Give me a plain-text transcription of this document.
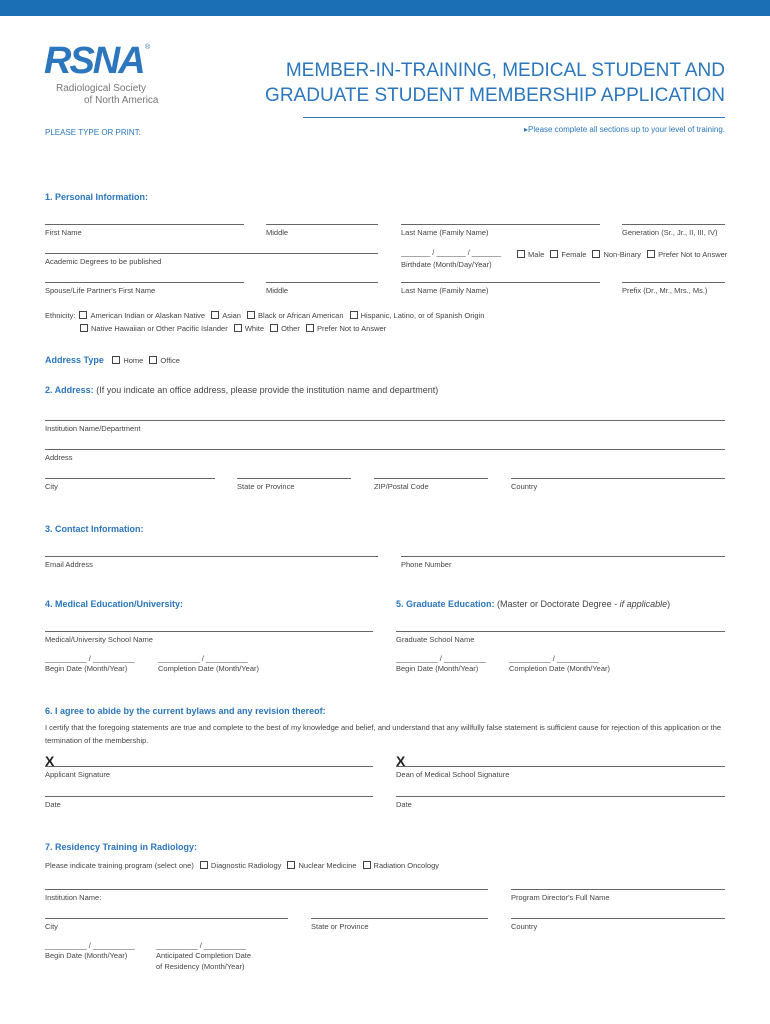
RSNA ®
Radiological Society
of North America
MEMBER-IN-TRAINING, MEDICAL STUDENT AND
GRADUATE STUDENT MEMBERSHIP APPLICATION
PLEASE TYPE OR PRINT:	▸Please complete all sections up to your level of training.
1. Personal Information:
First Name	Middle	Last Name (Family Name)	Generation (Sr., Jr., II, III, IV)
Academic Degrees to be published
_______ / _______ / _______
Birthdate (Month/Day/Year)
Male Female Non-Binary Prefer Not to Answer
Spouse/Life Partner's First Name	Middle	Last Name (Family Name)	Prefix (Dr., Mr., Mrs., Ms.)
Ethnicity: American Indian or Alaskan Native Asian Black or African American Hispanic, Latino, or of Spanish Origin
Native Hawaiian or Other Pacific Islander White Other Prefer Not to Answer
Address Type	Home Office
2. Address: (If you indicate an office address, please provide the institution name and department)
Institution Name/Department
Address
City	State or Province	ZIP/Postal Code	Country
3. Contact Information:
Email Address	Phone Number
4. Medical Education/University:	5. Graduate Education: (Master or Doctorate Degree - if applicable)
Medical/University School Name	Graduate School Name
__________ / __________	__________ / __________	__________ / __________	__________ / __________
Begin Date (Month/Year)	Completion Date (Month/Year)	Begin Date (Month/Year)	Completion Date (Month/Year)
6. I agree to abide by the current bylaws and any revision thereof:
I certify that the foregoing statements are true and complete to the best of my knowledge and belief, and understand that any willfully false statement is sufficient cause for rejection of this application or the termination of the membership.
X	X
Applicant Signature	Dean of Medical School Signature
Date	Date
7. Residency Training in Radiology:
Please indicate training program (select one) Diagnostic Radiology Nuclear Medicine Radiation Oncology
Institution Name:	Program Director's Full Name
City	State or Province	Country
__________ / __________	__________ / __________
Begin Date (Month/Year)	Anticipated Completion Date
of Residency (Month/Year)
